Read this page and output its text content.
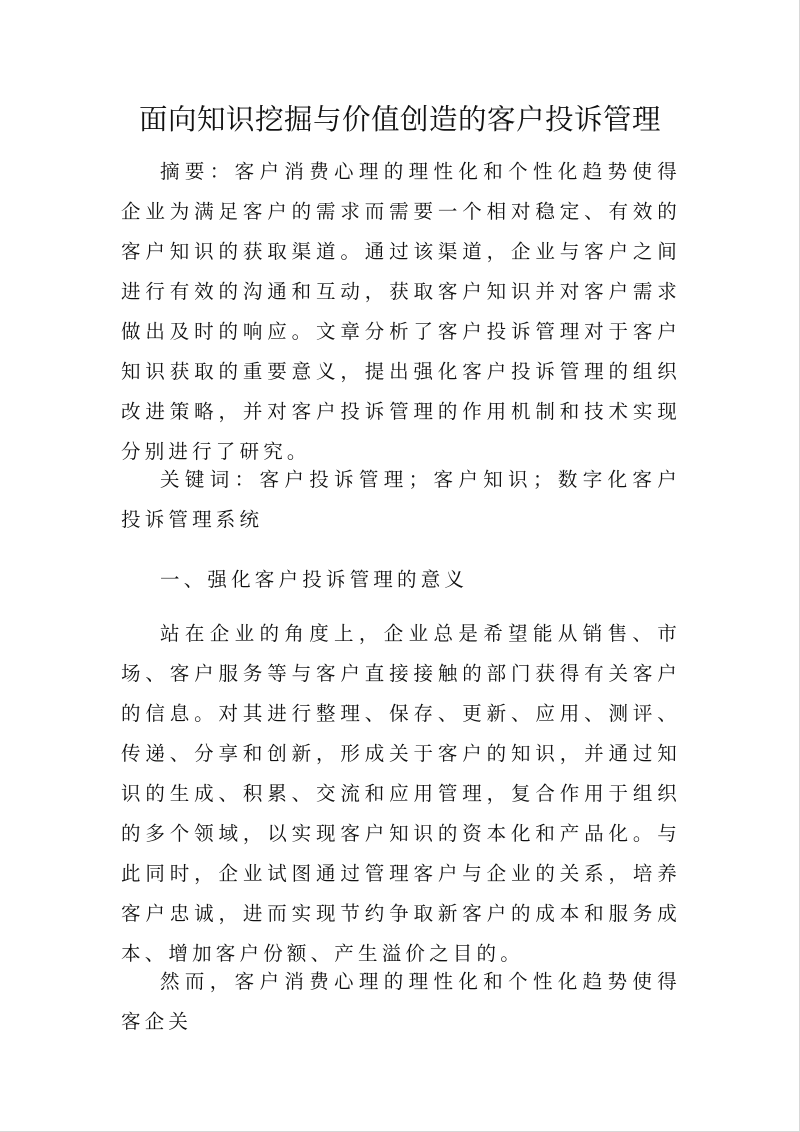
面向知识挖掘与价值创造的客户投诉管理

摘要：客户消费心理的理性化和个性化趋势使得企业为满足客户的需求而需要一个相对稳定、有效的客户知识的获取渠道。通过该渠道，企业与客户之间进行有效的沟通和互动，获取客户知识并对客户需求做出及时的响应。文章分析了客户投诉管理对于客户知识获取的重要意义，提出强化客户投诉管理的组织改进策略，并对客户投诉管理的作用机制和技术实现分别进行了研究。

关键词：客户投诉管理；客户知识；数字化客户投诉管理系统

一、强化客户投诉管理的意义

站在企业的角度上，企业总是希望能从销售、市场、客户服务等与客户直接接触的部门获得有关客户的信息。对其进行整理、保存、更新、应用、测评、传递、分享和创新，形成关于客户的知识，并通过知识的生成、积累、交流和应用管理，复合作用于组织的多个领域，以实现客户知识的资本化和产品化。与此同时，企业试图通过管理客户与企业的关系，培养客户忠诚，进而实现节约争取新客户的成本和服务成本、增加客户份额、产生溢价之目的。

然而，客户消费心理的理性化和个性化趋势使得客企关
